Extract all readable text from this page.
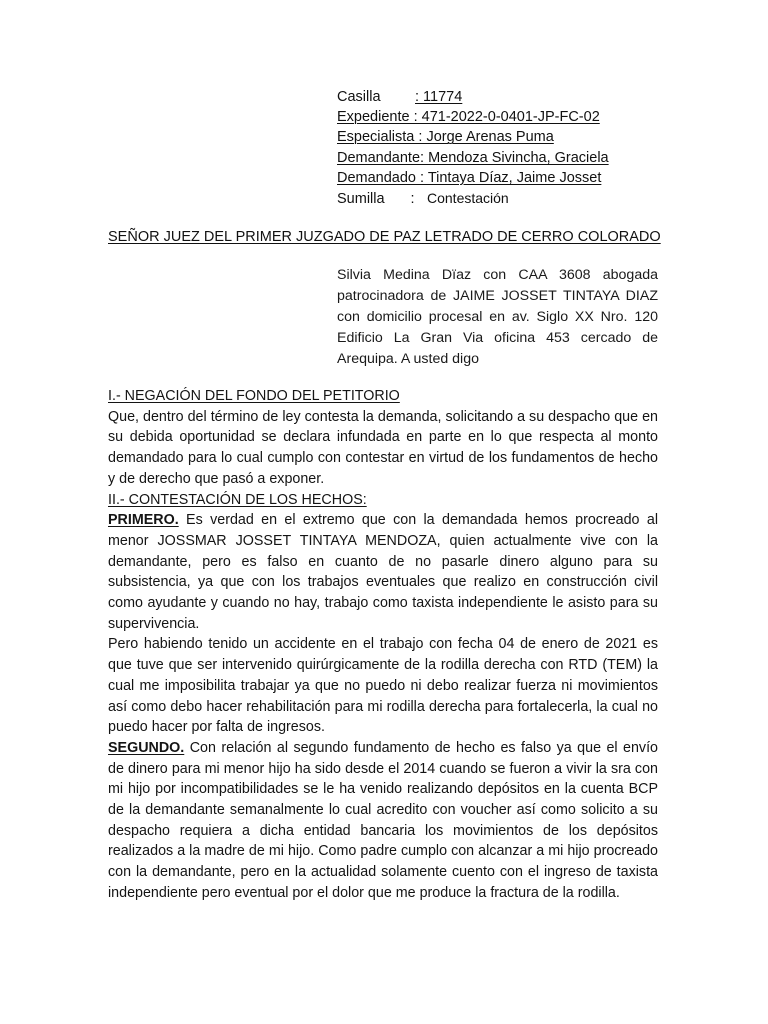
Casilla : 11774
Expediente : 471-2022-0-0401-JP-FC-02
Especialista : Jorge Arenas Puma
Demandante: Mendoza Sivincha, Graciela
Demandado : Tintaya Díaz, Jaime Josset
Sumilla : Contestación
SEÑOR JUEZ DEL PRIMER JUZGADO DE PAZ LETRADO DE CERRO COLORADO
Silvia Medina Dïaz con CAA 3608 abogada patrocinadora de JAIME JOSSET TINTAYA DIAZ con domicilio procesal en av. Siglo XX Nro. 120 Edificio La Gran Via oficina 453 cercado de Arequipa. A usted digo
I.- NEGACIÓN DEL FONDO DEL PETITORIO

Que, dentro del término de ley contesta la demanda, solicitando a su despacho que en su debida oportunidad se declara infundada en parte en lo que respecta al monto demandado para lo cual cumplo con contestar en virtud de los fundamentos de hecho y de derecho que pasó a exponer.

II.- CONTESTACIÓN DE LOS HECHOS:

PRIMERO. Es verdad en el extremo que con la demandada hemos procreado al menor JOSSMAR JOSSET TINTAYA MENDOZA, quien actualmente vive con la demandante, pero es falso en cuanto de no pasarle dinero alguno para su subsistencia, ya que con los trabajos eventuales que realizo en construcción civil como ayudante y cuando no hay, trabajo como taxista independiente le asisto para su supervivencia.

Pero habiendo tenido un accidente en el trabajo con fecha 04 de enero de 2021 es que tuve que ser intervenido quirúrgicamente de la rodilla derecha con RTD (TEM) la cual me imposibilita trabajar ya que no puedo ni debo realizar fuerza ni movimientos así como debo hacer rehabilitación para mi rodilla derecha para fortalecerla, la cual no puedo hacer por falta de ingresos.

SEGUNDO. Con relación al segundo fundamento de hecho es falso ya que el envío de dinero para mi menor hijo ha sido desde el 2014 cuando se fueron a vivir la sra con mi hijo por incompatibilidades se le ha venido realizando depósitos en la cuenta BCP de la demandante semanalmente lo cual acredito con voucher así como solicito a su despacho requiera a dicha entidad bancaria los movimientos de los depósitos realizados a la madre de mi hijo. Como padre cumplo con alcanzar a mi hijo procreado con la demandante, pero en la actualidad solamente cuento con el ingreso de taxista independiente pero eventual por el dolor que me produce la fractura de la rodilla.
